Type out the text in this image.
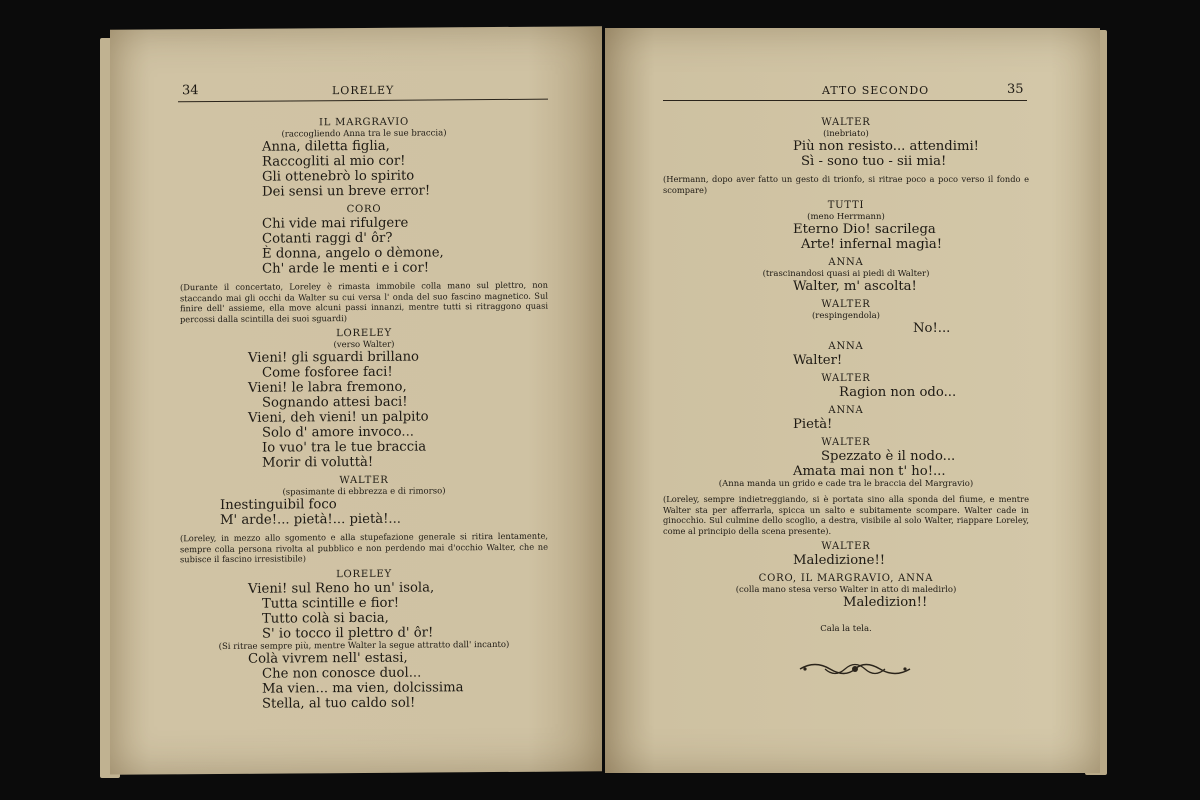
34	LORELEY
IL MARGRAVIO
(raccogliendo Anna tra le sue braccia)
Anna, diletta figlia,
Raccogliti al mio cor!
Gli ottenebrò lo spirito
Dei sensi un breve error!
CORO
Chi vide mai rifulgere
Cotanti raggi d' ôr?
È donna, angelo o dèmone,
Ch' arde le menti e i cor!
(Durante il concertato, Loreley è rimasta immobile colla mano sul plettro, non staccando mai gli occhi da Walter su cui versa l' onda del suo fascino magnetico. Sul finire dell' assieme, ella move alcuni passi innanzi, mentre tutti si ritraggono quasi percossi dalla scintilla dei suoi sguardi)
LORELEY
(verso Walter)
Vieni! gli sguardi brillano
Come fosforee faci!
Vieni! le labra fremono,
Sognando attesi baci!
Vieni, deh vieni! un palpito
Solo d' amore invoco...
Io vuo' tra le tue braccia
Morir di voluttà!
WALTER
(spasimante di ebbrezza e di rimorso)
Inestinguibil foco
M' arde!... pietà!... pietà!...
(Loreley, in mezzo allo sgomento e alla stupefazione generale si ritira lentamente, sempre colla persona rivolta al pubblico e non perdendo mai d'occhio Walter, che ne subisce il fascino irresistibile)
LORELEY
Vieni! sul Reno ho un' isola,
Tutta scintille e fior!
Tutto colà si bacia,
S' io tocco il plettro d' ôr!
(Si ritrae sempre più, mentre Walter la segue attratto dall' incanto)
Colà vivrem nell' estasi,
Che non conosce duol...
Ma vien... ma vien, dolcissima
Stella, al tuo caldo sol!
ATTO SECONDO	35
WALTER
(inebriato)
Più non resisto... attendimi!
Sì - sono tuo - sii mia!
(Hermann, dopo aver fatto un gesto di trionfo, si ritrae poco a poco verso il fondo e scompare)
TUTTI
(meno Herrmann)
Eterno Dio! sacrilega
Arte! infernal magìa!
ANNA
(trascinandosi quasi ai piedi di Walter)
Walter, m' ascolta!
WALTER
(respingendola)
No!...
ANNA
Walter!
WALTER
Ragion non odo...
ANNA
Pietà!
WALTER
Spezzato è il nodo...
Amata mai non t' ho!...
(Anna manda un grido e cade tra le braccia del Margravio)
(Loreley, sempre indietreggiando, si è portata sino alla sponda del fiume, e mentre Walter sta per afferrarla, spicca un salto e subitamente scompare. Walter cade in ginocchio. Sul culmine dello scoglio, a destra, visibile al solo Walter, riappare Loreley, come al principio della scena presente).
WALTER
Maledizione!!
CORO, IL MARGRAVIO, ANNA
(colla mano stesa verso Walter in atto di maledirlo)
Maledizion!!
Cala la tela.
